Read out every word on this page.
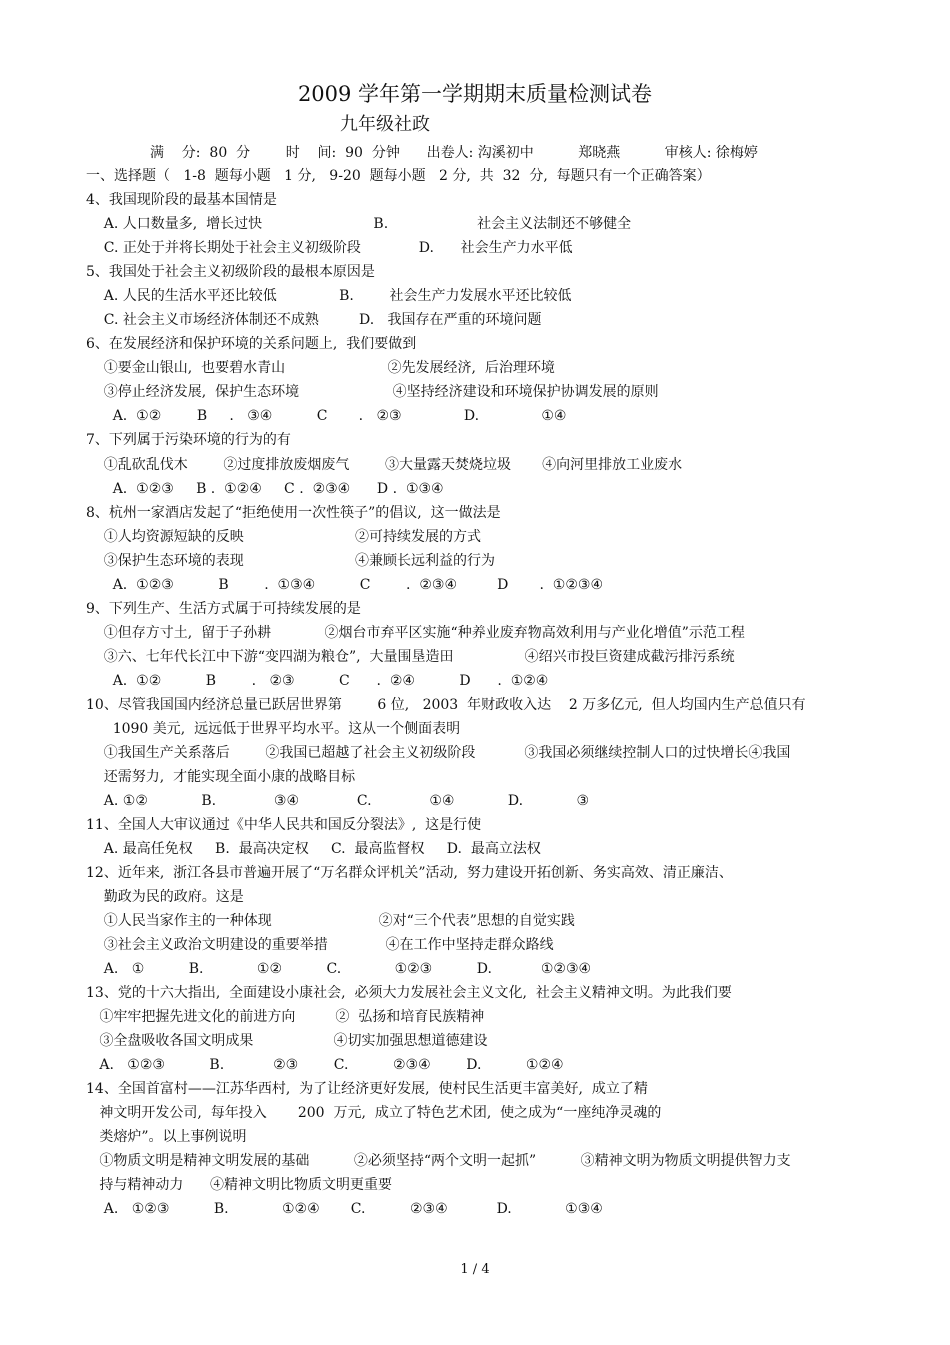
2009 学年第一学期期末质量检测试卷
九年级社政
满    分:  80  分        时    间:  90  分钟      出卷人: 沟溪初中          郑晓燕          审核人: 徐梅婷
一、选择题（   1-8  题每小题   1 分,   9-20  题每小题   2 分,  共  32  分,  每题只有一个正确答案）
4、我国现阶段的最基本国情是
A. 人口数量多,  增长过快                         B.                    社会主义法制还不够健全
C. 正处于并将长期处于社会主义初级阶段             D.      社会生产力水平低
5、我国处于社会主义初级阶段的最根本原因是
A. 人民的生活水平还比较低              B.        社会生产力发展水平还比较低
C. 社会主义市场经济体制还不成熟         D.   我国存在严重的环境问题
6、在发展经济和保护环境的关系问题上,  我们要做到
①要金山银山,  也要碧水青山                       ②先发展经济,  后治理环境
③停止经济发展,  保护生态环境                     ④坚持经济建设和环境保护协调发展的原则
A.  ①②        B     .   ③④          C       .   ②③              D.              ①④
7、下列属于污染环境的行为的有
①乱砍乱伐木        ②过度排放废烟废气        ③大量露天焚烧垃圾       ④向河里排放工业废水
A.  ①②③     B .  ①②④     C .  ②③④      D .  ①③④
8、杭州一家酒店发起了“拒绝使用一次性筷子”的倡议,  这一做法是
①人均资源短缺的反映                         ②可持续发展的方式
③保护生态环境的表现                         ④兼顾长远利益的行为
A.  ①②③          B        .  ①③④          C        .  ②③④         D       .  ①②③④
9、下列生产、生活方式属于可持续发展的是
①但存方寸土,  留于子孙耕            ②烟台市弃平区实施“种养业废弃物高效利用与产业化增值”示范工程
③六、七年代长江中下游“变四湖为粮仓”,  大量围垦造田                ④绍兴市投巨资建成截污排污系统
A.  ①②          B        .   ②③          C      .  ②④          D      .  ①②④
10、尽管我国国内经济总量已跃居世界第        6 位,   2003  年财政收入达    2 万多亿元,  但人均国内生产总值只有
1090 美元,  远远低于世界平均水平。这从一个侧面表明
①我国生产关系落后        ②我国已超越了社会主义初级阶段           ③我国必须继续控制人口的过快增长④我国
还需努力,  才能实现全面小康的战略目标
A. ①②            B.             ③④             C.             ①④            D.            ③
11、全国人大审议通过《中华人民共和国反分裂法》,  这是行使
A. 最高任免权     B.  最高决定权     C.  最高监督权     D.  最高立法权
12、近年来,  浙江各县市普遍开展了“万名群众评机关”活动,  努力建设开拓创新、务实高效、清正廉洁、
勤政为民的政府。这是
①人民当家作主的一种体现                        ②对“三个代表”思想的自觉实践
③社会主义政治文明建设的重要举措             ④在工作中坚持走群众路线
A.   ①          B.            ①②          C.            ①②③          D.           ①②③④
13、党的十六大指出,  全面建设小康社会,  必须大力发展社会主义文化,  社会主义精神文明。为此我们要
①牢牢把握先进文化的前进方向         ②  弘扬和培育民族精神
③全盘吸收各国文明成果                  ④切实加强思想道德建设
A.   ①②③          B.           ②③        C.          ②③④        D.          ①②④
14、全国首富村——江苏华西村,  为了让经济更好发展,  使村民生活更丰富美好,  成立了精
神文明开发公司,  每年投入       200  万元,  成立了特色艺术团,  使之成为“一座纯净灵魂的
类熔炉”。以上事例说明
①物质文明是精神文明发展的基础          ②必须坚持“两个文明一起抓”          ③精神文明为物质文明提供智力支
持与精神动力      ④精神文明比物质文明更重要
A.   ①②③          B.            ①②④       C.          ②③④           D.            ①③④
1 / 4
